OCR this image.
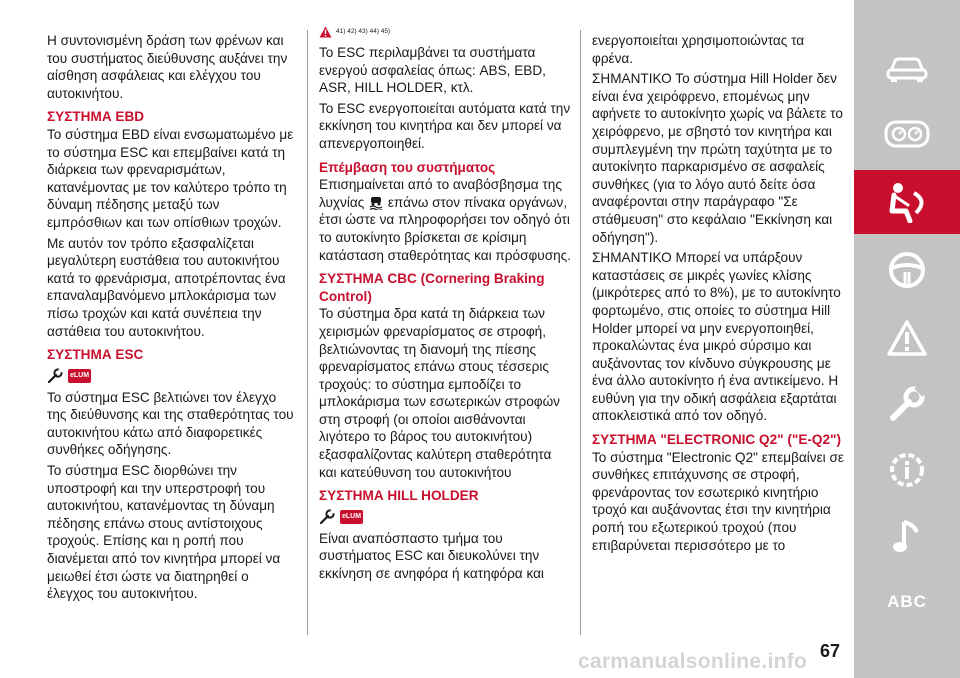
Η συντονισμένη δράση των φρένων και του συστήματος διεύθυνσης αυξάνει την αίσθηση ασφάλειας και ελέγχου του αυτοκινήτου.

ΣΥΣΤΗΜΑ EBD

Το σύστημα EBD είναι ενσωματωμένο με το σύστημα ESC και επεμβαίνει κατά τη διάρκεια των φρεναρισμάτων, κατανέμοντας με τον καλύτερο τρόπο τη δύναμη πέδησης μεταξύ των εμπρόσθιων και των οπίσθιων τροχών.

Με αυτόν τον τρόπο εξασφαλίζεται μεγαλύτερη ευστάθεια του αυτοκινήτου κατά το φρενάρισμα, αποτρέποντας ένα επαναλαμβανόμενο μπλοκάρισμα των πίσω τροχών και κατά συνέπεια την αστάθεια του αυτοκινήτου.

ΣΥΣΤΗΜΑ ESC

eLUM

Το σύστημα ESC βελτιώνει τον έλεγχο της διεύθυνσης και της σταθερότητας του αυτοκινήτου κάτω από διαφορετικές συνθήκες οδήγησης.

Το σύστημα ESC διορθώνει την υποστροφή και την υπερστροφή του αυτοκινήτου, κατανέμοντας τη δύναμη πέδησης επάνω στους αντίστοιχους τροχούς. Επίσης και η ροπή που διανέμεται από τον κινητήρα μπορεί να μειωθεί έτσι ώστε να διατηρηθεί ο έλεγχος του αυτοκινήτου.

41) 42) 43) 44) 45)

Το ESC περιλαμβάνει τα συστήματα ενεργού ασφαλείας όπως: ABS, EBD, ASR, HILL HOLDER, κτλ.

Το ESC ενεργοποιείται αυτόματα κατά την εκκίνηση του κινητήρα και δεν μπορεί να απενεργοποιηθεί.

Επέμβαση του συστήματος

Επισημαίνεται από το αναβόσβησμα της λυχνίας επάνω στον πίνακα οργάνων, έτσι ώστε να πληροφορήσει τον οδηγό ότι το αυτοκίνητο βρίσκεται σε κρίσιμη κατάσταση σταθερότητας και πρόσφυσης.

ΣΥΣΤΗΜΑ CBC (Cornering Braking Control)

Το σύστημα δρα κατά τη διάρκεια των χειρισμών φρεναρίσματος σε στροφή, βελτιώνοντας τη διανομή της πίεσης φρεναρίσματος επάνω στους τέσσερις τροχούς: το σύστημα εμποδίζει το μπλοκάρισμα των εσωτερικών στροφών στη στροφή (οι οποίοι αισθάνονται λιγότερο το βάρος του αυτοκινήτου) εξασφαλίζοντας καλύτερη σταθερότητα και κατεύθυνση του αυτοκινήτου

ΣΥΣΤΗΜΑ HILL HOLDER

eLUM

Είναι αναπόσπαστο τμήμα του συστήματος ESC και διευκολύνει την εκκίνηση σε ανηφόρα ή κατηφόρα και

ενεργοποιείται χρησιμοποιώντας τα φρένα.

ΣΗΜΑΝΤΙΚΟ Το σύστημα Hill Holder δεν είναι ένα χειρόφρενο, επομένως μην αφήνετε το αυτοκίνητο χωρίς να βάλετε το χειρόφρενο, με σβηστό τον κινητήρα και συμπλεγμένη την πρώτη ταχύτητα με το αυτοκίνητο παρκαρισμένο σε ασφαλείς συνθήκες (για το λόγο αυτό δείτε όσα αναφέρονται στην παράγραφο "Σε στάθμευση" στο κεφάλαιο "Εκκίνηση και οδήγηση").

ΣΗΜΑΝΤΙΚΟ Μπορεί να υπάρξουν καταστάσεις σε μικρές γωνίες κλίσης (μικρότερες από το 8%), με το αυτοκίνητο φορτωμένο, στις οποίες το σύστημα Hill Holder μπορεί να μην ενεργοποιηθεί, προκαλώντας ένα μικρό σύρσιμο και αυξάνοντας τον κίνδυνο σύγκρουσης με ένα άλλο αυτοκίνητο ή ένα αντικείμενο. Η ευθύνη για την οδική ασφάλεια εξαρτάται αποκλειστικά από τον οδηγό.

ΣΥΣΤΗΜΑ "ELECTRONIC Q2" ("E-Q2")

Το σύστημα "Electronic Q2" επεμβαίνει σε συνθήκες επιτάχυνσης σε στροφή, φρενάροντας τον εσωτερικό κινητήριο τροχό και αυξάνοντας έτσι την κινητήρια ροπή του εξωτερικού τροχού (που επιβαρύνεται περισσότερο με το

ABC
67
carmanualsonline.info
